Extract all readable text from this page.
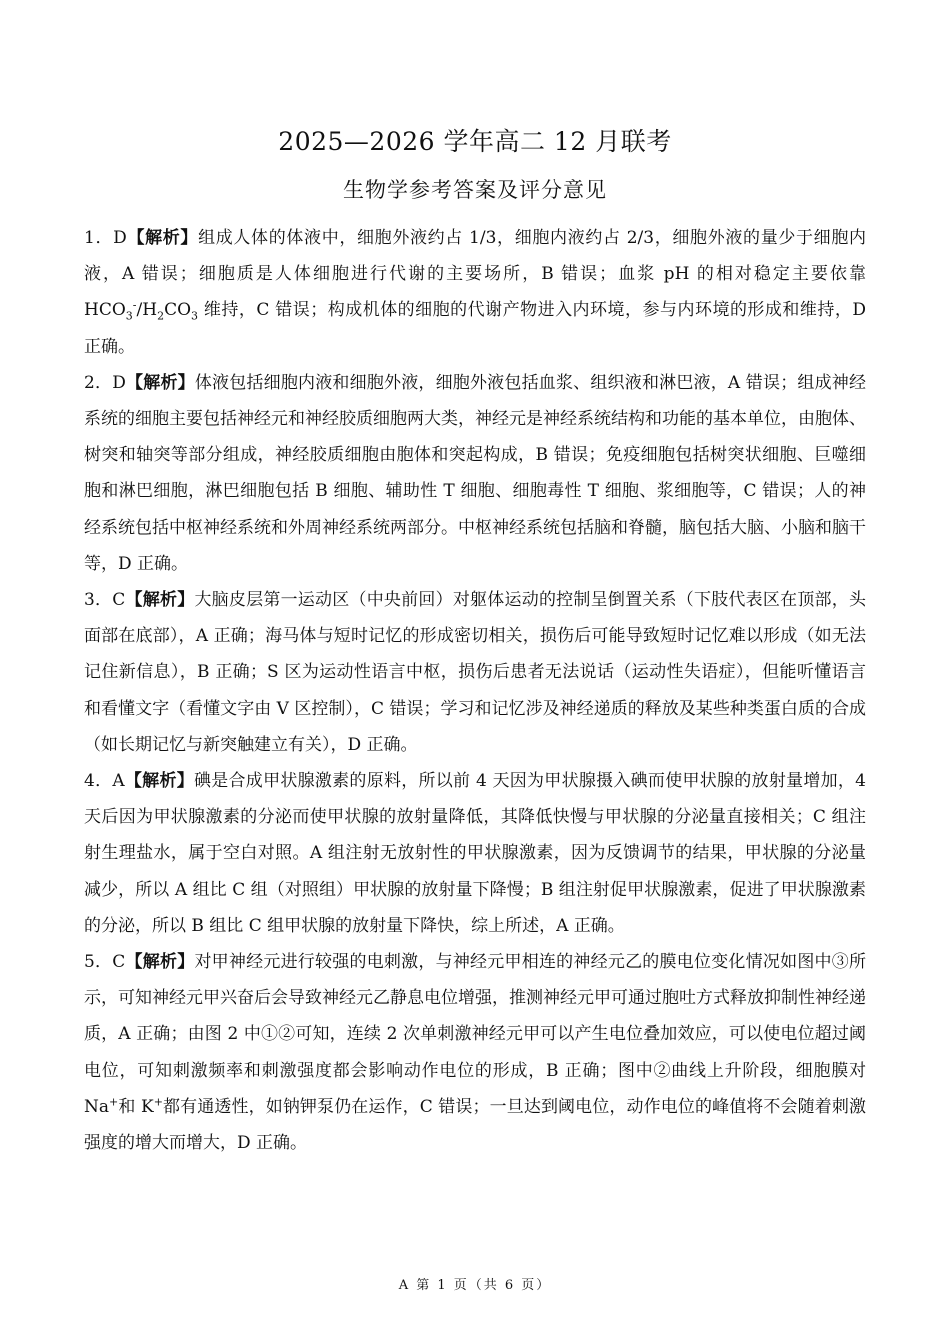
2025—2026 学年高二 12 月联考
生物学参考答案及评分意见

1．D【解析】组成人体的体液中，细胞外液约占 1/3，细胞内液约占 2/3，细胞外液的量少于细胞内液，A 错误；细胞质是人体细胞进行代谢的主要场所，B 错误；血浆 pH 的相对稳定主要依靠 $HCO_3^-/H_2CO_3$ 维持，C 错误；构成机体的细胞的代谢产物进入内环境，参与内环境的形成和维持，D 正确。

2．D【解析】体液包括细胞内液和细胞外液，细胞外液包括血浆、组织液和淋巴液，A 错误；组成神经系统的细胞主要包括神经元和神经胶质细胞两大类，神经元是神经系统结构和功能的基本单位，由胞体、树突和轴突等部分组成，神经胶质细胞由胞体和突起构成，B 错误；免疫细胞包括树突状细胞、巨噬细胞和淋巴细胞，淋巴细胞包括 B 细胞、辅助性 T 细胞、细胞毒性 T 细胞、浆细胞等，C 错误；人的神经系统包括中枢神经系统和外周神经系统两部分。中枢神经系统包括脑和脊髓，脑包括大脑、小脑和脑干等，D 正确。

3．C【解析】大脑皮层第一运动区（中央前回）对躯体运动的控制呈倒置关系（下肢代表区在顶部，头面部在底部），A 正确；海马体与短时记忆的形成密切相关，损伤后可能导致短时记忆难以形成（如无法记住新信息），B 正确；S 区为运动性语言中枢，损伤后患者无法说话（运动性失语症），但能听懂语言和看懂文字（看懂文字由 V 区控制），C 错误；学习和记忆涉及神经递质的释放及某些种类蛋白质的合成（如长期记忆与新突触建立有关），D 正确。

4．A【解析】碘是合成甲状腺激素的原料，所以前 4 天因为甲状腺摄入碘而使甲状腺的放射量增加，4 天后因为甲状腺激素的分泌而使甲状腺的放射量降低，其降低快慢与甲状腺的分泌量直接相关；C 组注射生理盐水，属于空白对照。A 组注射无放射性的甲状腺激素，因为反馈调节的结果，甲状腺的分泌量减少，所以 A 组比 C 组（对照组）甲状腺的放射量下降慢；B 组注射促甲状腺激素，促进了甲状腺激素的分泌，所以 B 组比 C 组甲状腺的放射量下降快，综上所述，A 正确。

5．C【解析】对甲神经元进行较强的电刺激，与神经元甲相连的神经元乙的膜电位变化情况如图中③所示，可知神经元甲兴奋后会导致神经元乙静息电位增强，推测神经元甲可通过胞吐方式释放抑制性神经递质，A 正确；由图 2 中①②可知，连续 2 次单刺激神经元甲可以产生电位叠加效应，可以使电位超过阈电位，可知刺激频率和刺激强度都会影响动作电位的形成，B 正确；图中②曲线上升阶段，细胞膜对 Na+和 K+都有通透性，如钠钾泵仍在运作，C 错误；一旦达到阈电位，动作电位的峰值将不会随着刺激强度的增大而增大，D 正确。

A 第 1 页（共 6 页）
